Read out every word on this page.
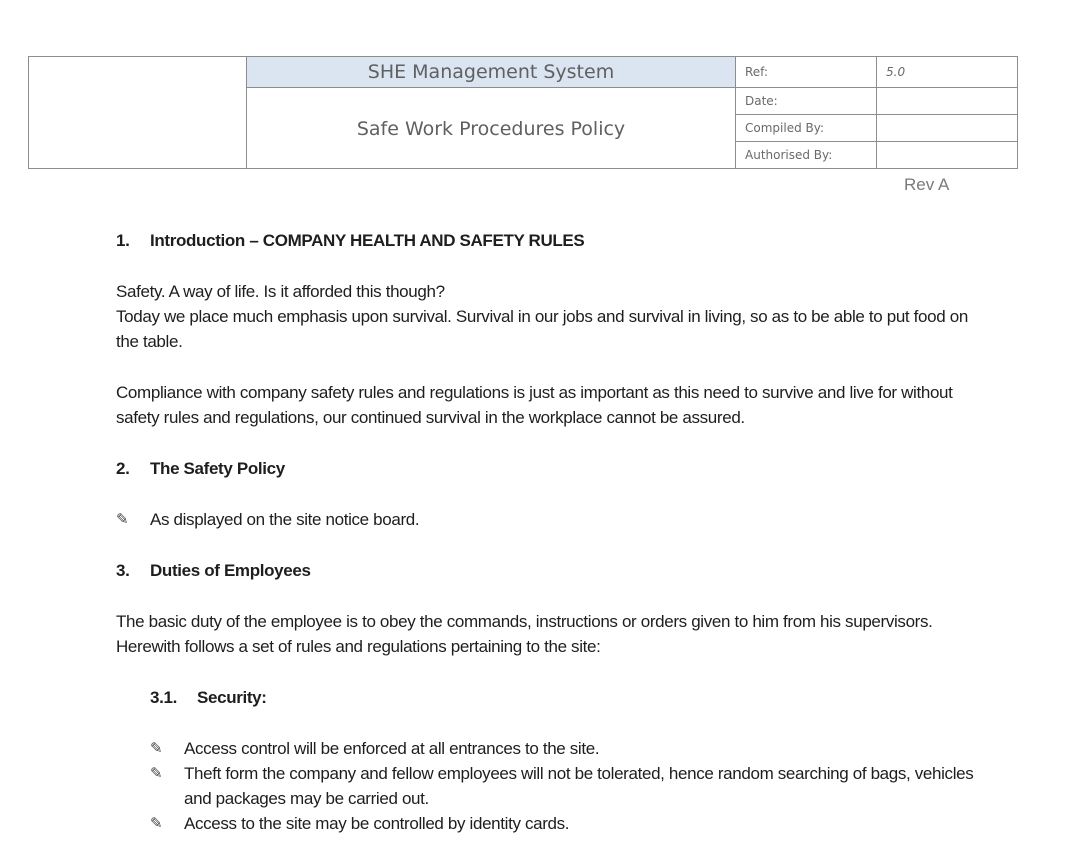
SHE Management System
Safe Work Procedures Policy
Ref:	5.0
Date:
Compiled By:
Authorised By:
Rev A
1.	Introduction – COMPANY HEALTH AND SAFETY RULES

Safety. A way of life. Is it afforded this though?

Today we place much emphasis upon survival. Survival in our jobs and survival in living, so as to be able to put food on the table.

Compliance with company safety rules and regulations is just as important as this need to survive and live for without safety rules and regulations, our continued survival in the workplace cannot be assured.

2.	The Safety Policy
✎	As displayed on the site notice board.
3.	Duties of Employees

The basic duty of the employee is to obey the commands, instructions or orders given to him from his supervisors. Herewith follows a set of rules and regulations pertaining to the site:

3.1.	Security:
✎	Access control will be enforced at all entrances to the site.
✎	Theft form the company and fellow employees will not be tolerated, hence random searching of bags, vehicles and packages may be carried out.
✎	Access to the site may be controlled by identity cards.
